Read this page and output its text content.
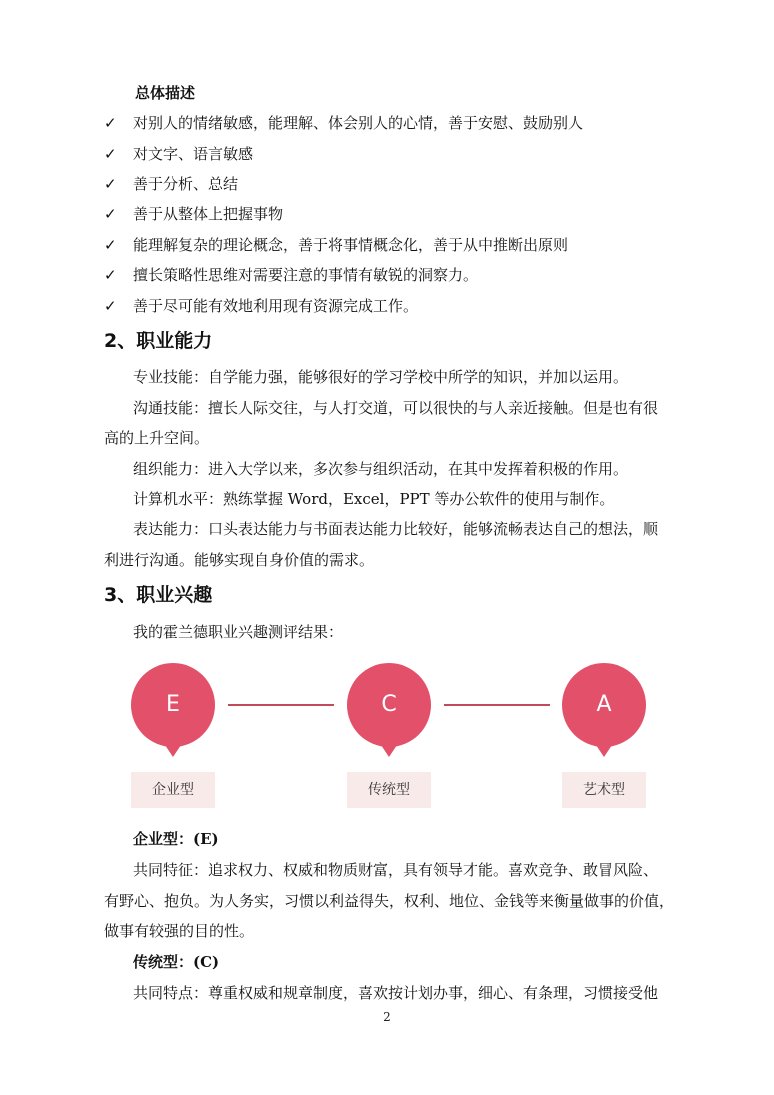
总体描述
✓ 对别人的情绪敏感，能理解、体会别人的心情，善于安慰、鼓励别人
✓ 对文字、语言敏感
✓ 善于分析、总结
✓ 善于从整体上把握事物
✓ 能理解复杂的理论概念，善于将事情概念化，善于从中推断出原则
✓ 擅长策略性思维对需要注意的事情有敏锐的洞察力。
✓ 善于尽可能有效地利用现有资源完成工作。
2、职业能力
专业技能：自学能力强，能够很好的学习学校中所学的知识，并加以运用。
沟通技能：擅长人际交往，与人打交道，可以很快的与人亲近接触。但是也有很
高的上升空间。
组织能力：进入大学以来，多次参与组织活动，在其中发挥着积极的作用。
计算机水平：熟练掌握 Word，Excel，PPT 等办公软件的使用与制作。
表达能力：口头表达能力与书面表达能力比较好，能够流畅表达自己的想法，顺
利进行沟通。能够实现自身价值的需求。
3、职业兴趣
我的霍兰德职业兴趣测评结果：
E
企业型
C
传统型
A
艺术型
企业型：(E)
共同特征：追求权力、权威和物质财富，具有领导才能。喜欢竞争、敢冒风险、
有野心、抱负。为人务实，习惯以利益得失，权利、地位、金钱等来衡量做事的价值，
做事有较强的目的性。
传统型：(C)
共同特点：尊重权威和规章制度，喜欢按计划办事，细心、有条理，习惯接受他
2
